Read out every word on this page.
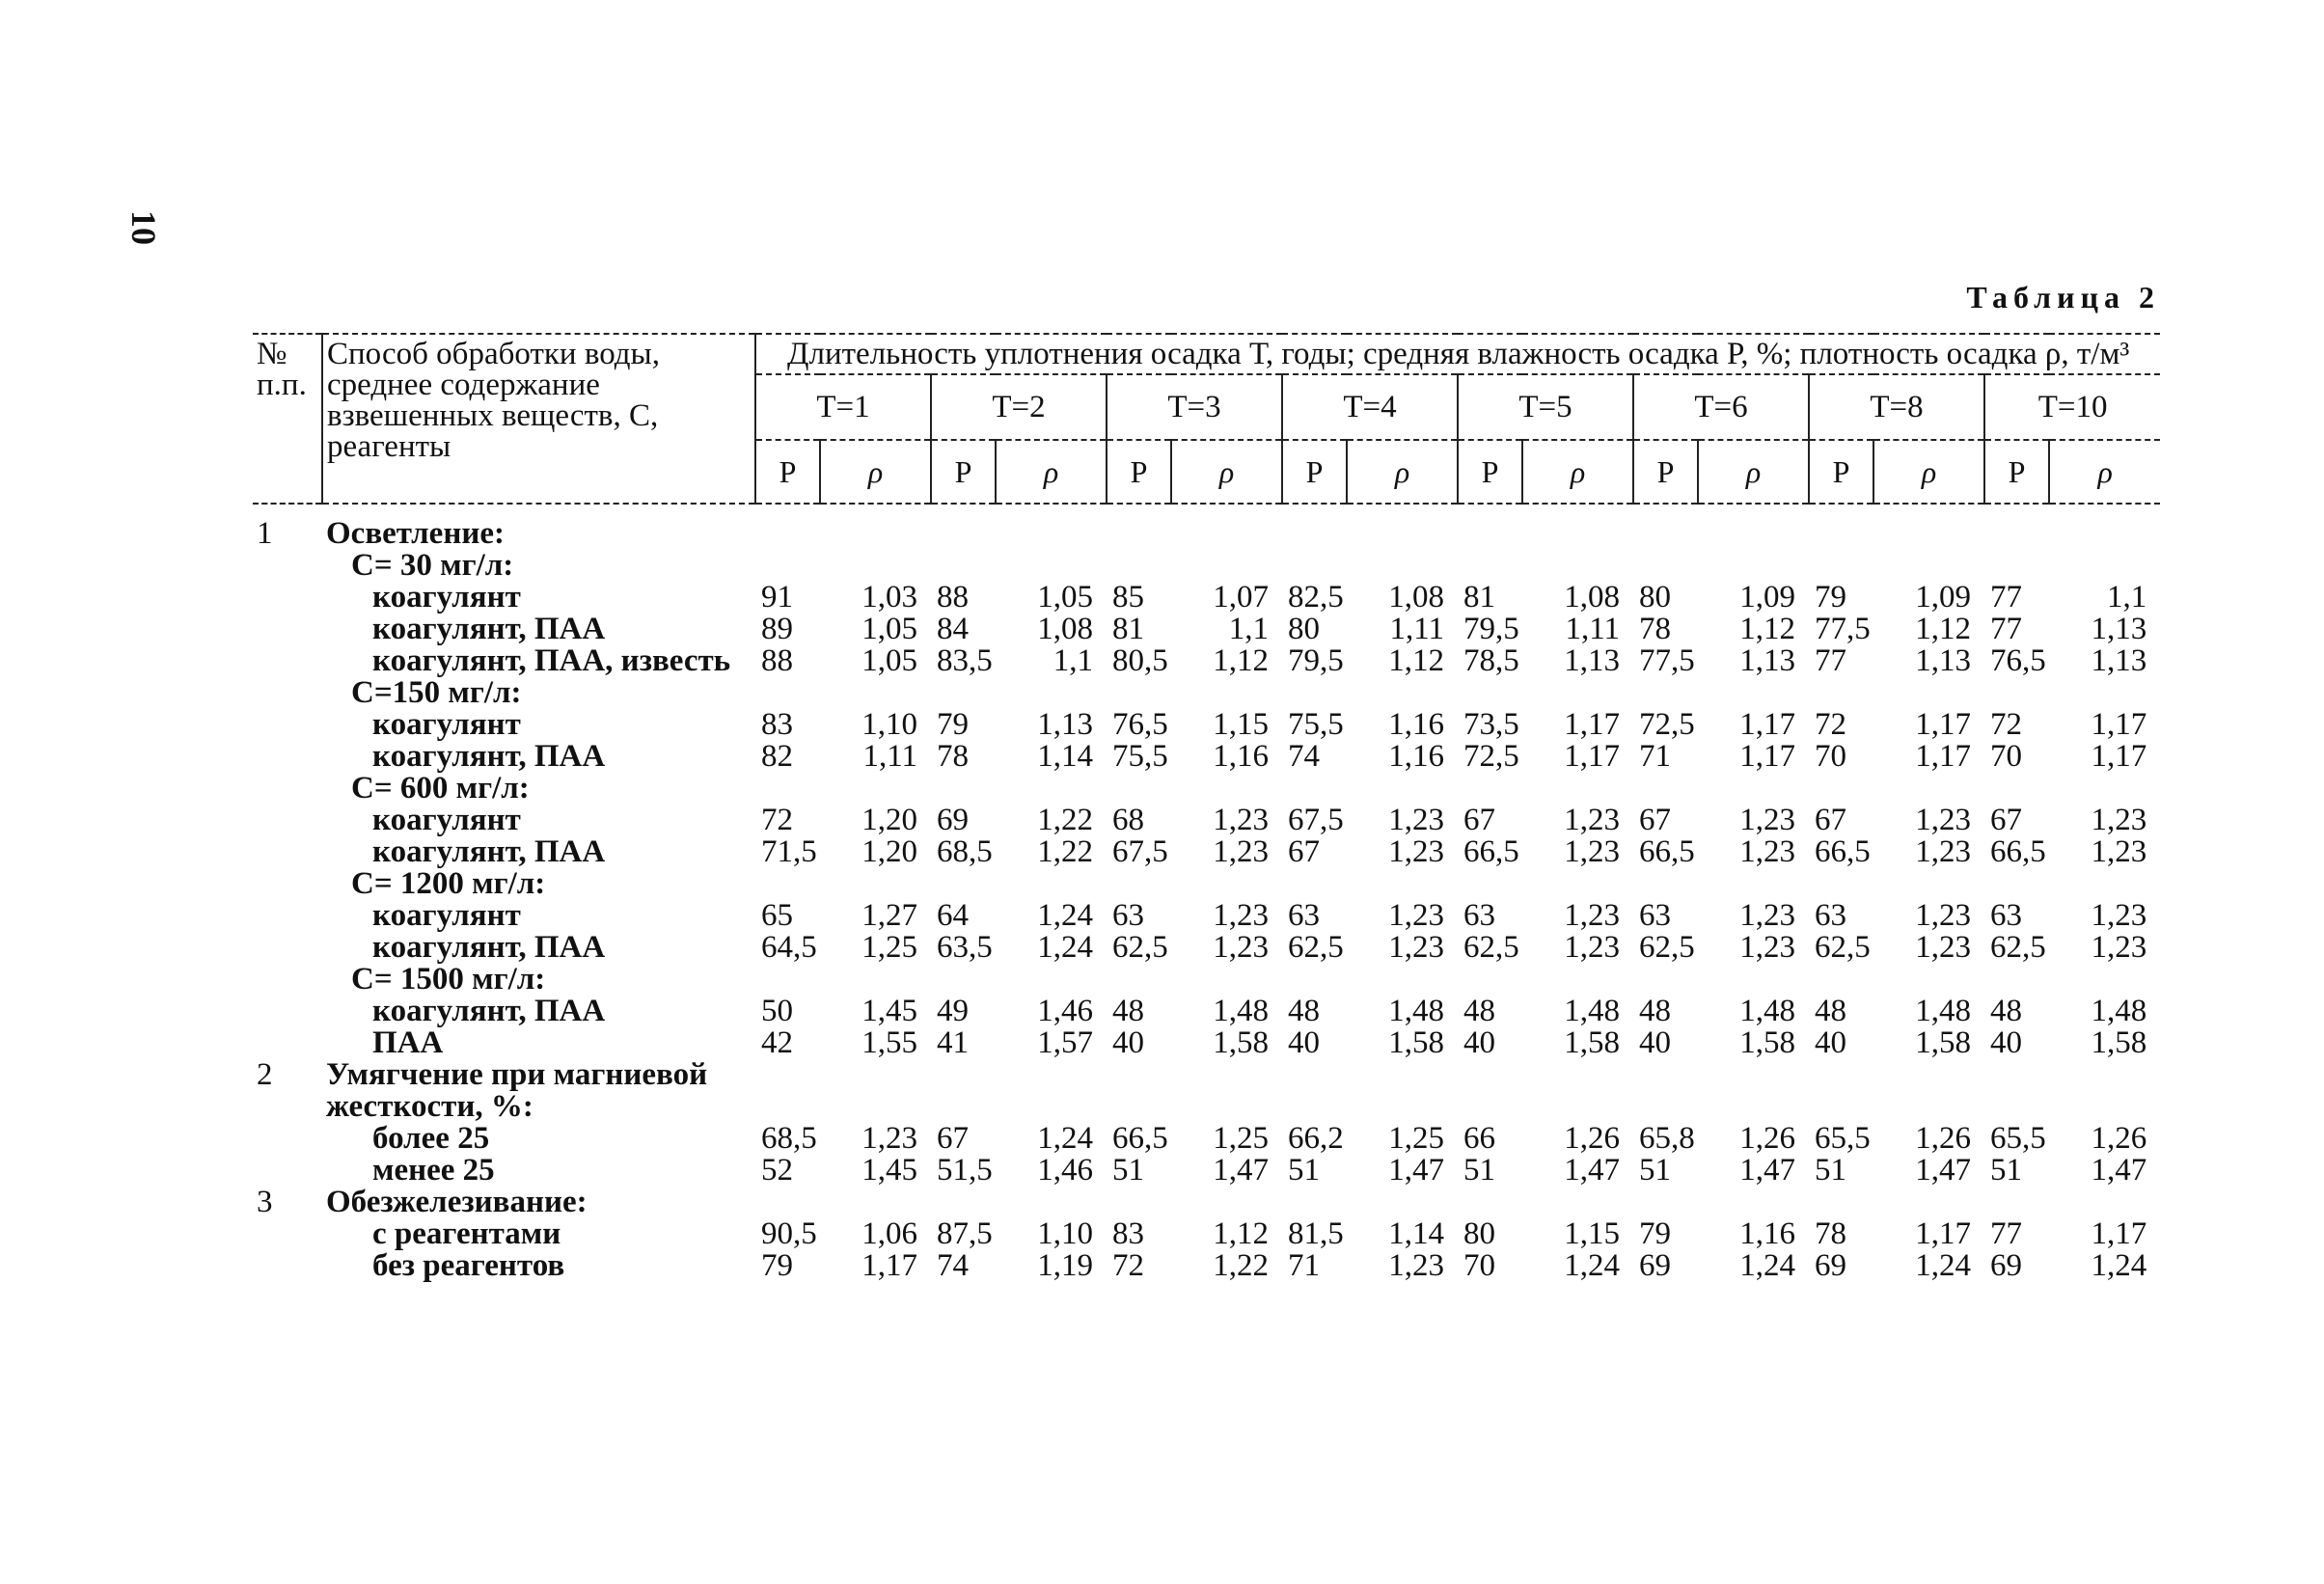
10
Таблица 2
№ п.п.	Способ обработки воды, среднее содержание взвешенных веществ, С, реагенты	Длительность уплотнения осадка Т, годы; средняя влажность осадка Р, %; плотность осадка ρ, т/м³															
		Т=1		Т=2		Т=3		Т=4		Т=5		Т=6		Т=8		Т=10	
		Р	ρ	Р	ρ	Р	ρ	Р	ρ	Р	ρ	Р	ρ	Р	ρ	Р	ρ
1	Осветление:																
	С= 30 мг/л:																
	коагулянт	91	1,03	88	1,05	85	1,07	82,5	1,08	81	1,08	80	1,09	79	1,09	77	1,1
	коагулянт, ПАА	89	1,05	84	1,08	81	1,1	80	1,11	79,5	1,11	78	1,12	77,5	1,12	77	1,13
	коагулянт, ПАА, известь	88	1,05	83,5	1,1	80,5	1,12	79,5	1,12	78,5	1,13	77,5	1,13	77	1,13	76,5	1,13
	С=150 мг/л:																
	коагулянт	83	1,10	79	1,13	76,5	1,15	75,5	1,16	73,5	1,17	72,5	1,17	72	1,17	72	1,17
	коагулянт, ПАА	82	1,11	78	1,14	75,5	1,16	74	1,16	72,5	1,17	71	1,17	70	1,17	70	1,17
	С= 600 мг/л:																
	коагулянт	72	1,20	69	1,22	68	1,23	67,5	1,23	67	1,23	67	1,23	67	1,23	67	1,23
	коагулянт, ПАА	71,5	1,20	68,5	1,22	67,5	1,23	67	1,23	66,5	1,23	66,5	1,23	66,5	1,23	66,5	1,23
	С= 1200 мг/л:																
	коагулянт	65	1,27	64	1,24	63	1,23	63	1,23	63	1,23	63	1,23	63	1,23	63	1,23
	коагулянт, ПАА	64,5	1,25	63,5	1,24	62,5	1,23	62,5	1,23	62,5	1,23	62,5	1,23	62,5	1,23	62,5	1,23
	С= 1500 мг/л:																
	коагулянт, ПАА	50	1,45	49	1,46	48	1,48	48	1,48	48	1,48	48	1,48	48	1,48	48	1,48
	ПАА	42	1,55	41	1,57	40	1,58	40	1,58	40	1,58	40	1,58	40	1,58	40	1,58
2	Умягчение при магниевой																
	жесткости, %:																
	более 25	68,5	1,23	67	1,24	66,5	1,25	66,2	1,25	66	1,26	65,8	1,26	65,5	1,26	65,5	1,26
	менее 25	52	1,45	51,5	1,46	51	1,47	51	1,47	51	1,47	51	1,47	51	1,47	51	1,47
3	Обезжелезивание:																
	с реагентами	90,5	1,06	87,5	1,10	83	1,12	81,5	1,14	80	1,15	79	1,16	78	1,17	77	1,17
	без реагентов	79	1,17	74	1,19	72	1,22	71	1,23	70	1,24	69	1,24	69	1,24	69	1,24
